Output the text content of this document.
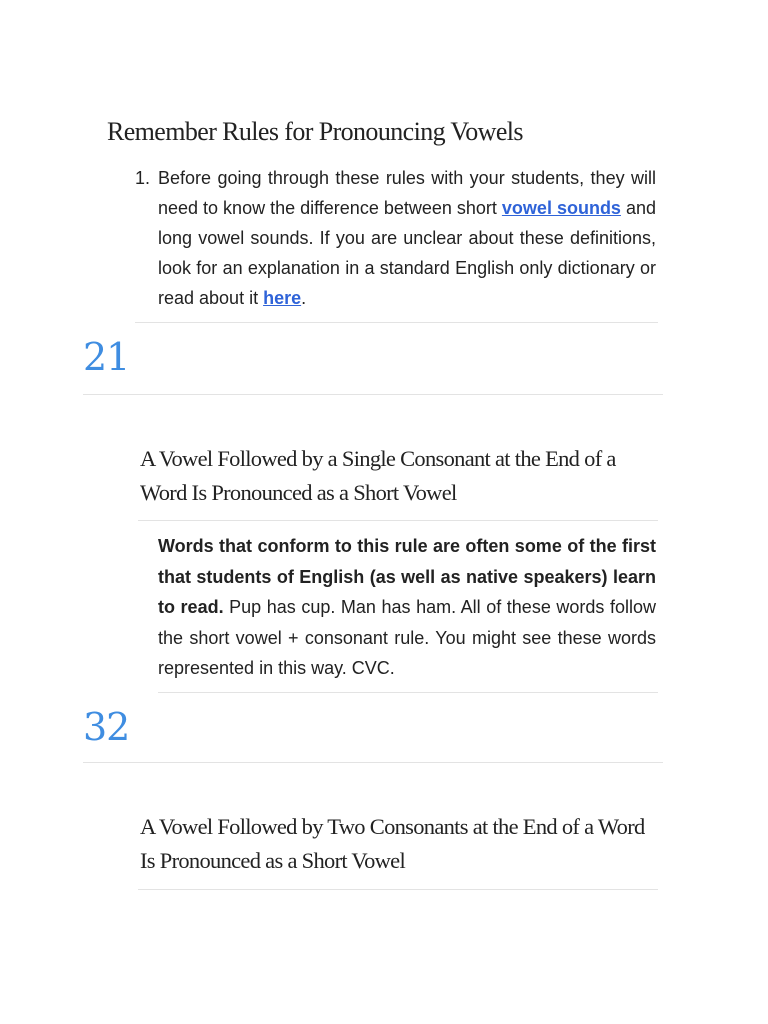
Remember Rules for Pronouncing Vowels

1. Before going through these rules with your students, they will need to know the difference between short vowel sounds and long vowel sounds. If you are unclear about these definitions, look for an explanation in a standard English only dictionary or read about it here.

21
A Vowel Followed by a Single Consonant at the End of a Word Is Pronounced as a Short Vowel

Words that conform to this rule are often some of the first that students of English (as well as native speakers) learn to read. Pup has cup. Man has ham. All of these words follow the short vowel + consonant rule. You might see these words represented in this way. CVC.

32
A Vowel Followed by Two Consonants at the End of a Word Is Pronounced as a Short Vowel
